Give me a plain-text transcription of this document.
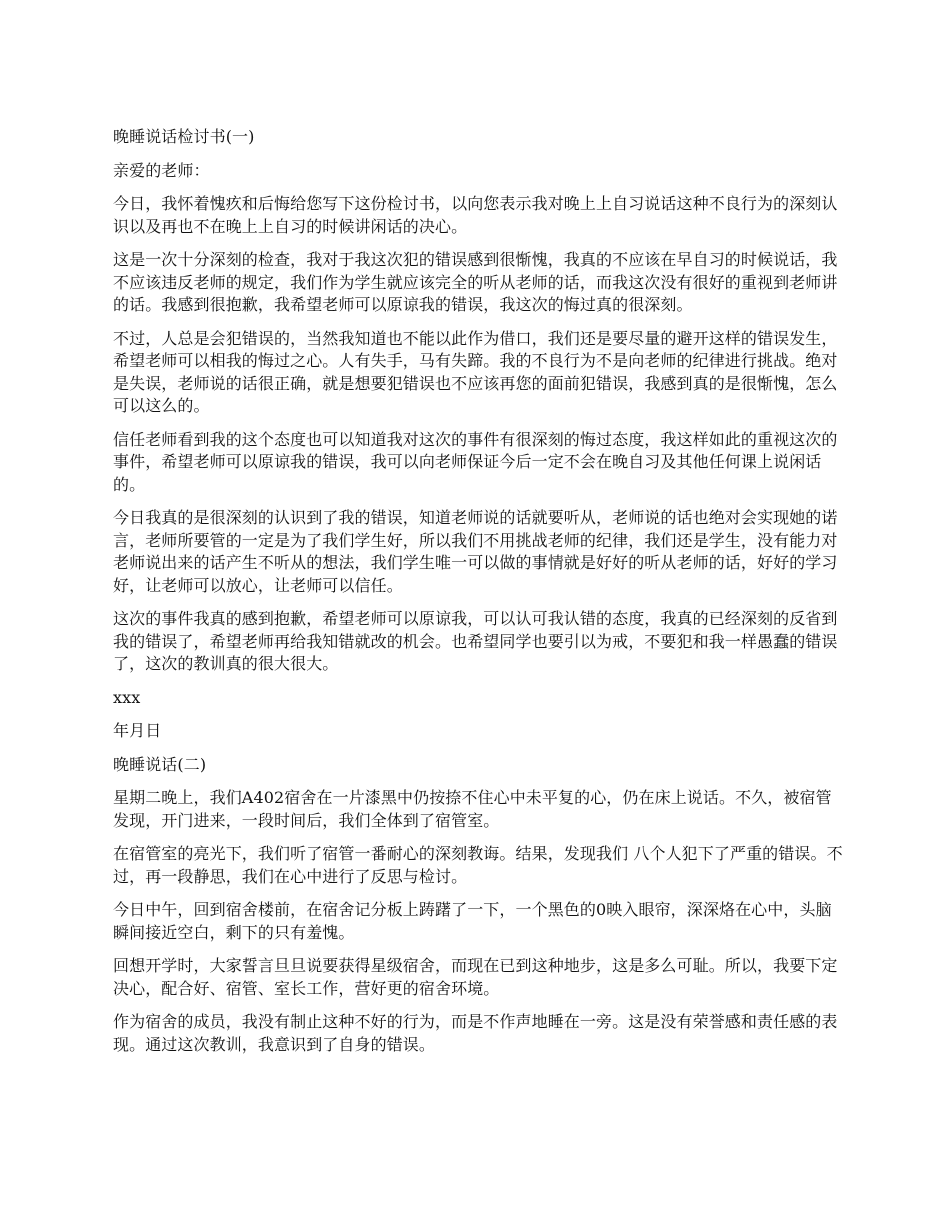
晚睡说话检讨书(一)

亲爱的老师：

今日，我怀着愧疚和后悔给您写下这份检讨书，以向您表示我对晚上上自习说话这种不良行为的深刻认识以及再也不在晚上上自习的时候讲闲话的决心。

这是一次十分深刻的检查，我对于我这次犯的错误感到很惭愧，我真的不应该在早自习的时候说话，我不应该违反老师的规定，我们作为学生就应该完全的听从老师的话，而我这次没有很好的重视到老师讲的话。我感到很抱歉，我希望老师可以原谅我的错误，我这次的悔过真的很深刻。

不过，人总是会犯错误的，当然我知道也不能以此作为借口，我们还是要尽量的避开这样的错误发生，希望老师可以相我的悔过之心。人有失手，马有失蹄。我的不良行为不是向老师的纪律进行挑战。绝对是失误，老师说的话很正确，就是想要犯错误也不应该再您的面前犯错误，我感到真的是很惭愧，怎么可以这么的。

信任老师看到我的这个态度也可以知道我对这次的事件有很深刻的悔过态度，我这样如此的重视这次的事件，希望老师可以原谅我的错误，我可以向老师保证今后一定不会在晚自习及其他任何课上说闲话的。

今日我真的是很深刻的认识到了我的错误，知道老师说的话就要听从，老师说的话也绝对会实现她的诺言，老师所要管的一定是为了我们学生好，所以我们不用挑战老师的纪律，我们还是学生，没有能力对老师说出来的话产生不听从的想法，我们学生唯一可以做的事情就是好好的听从老师的话，好好的学习好，让老师可以放心，让老师可以信任。

这次的事件我真的感到抱歉，希望老师可以原谅我，可以认可我认错的态度，我真的已经深刻的反省到我的错误了，希望老师再给我知错就改的机会。也希望同学也要引以为戒，不要犯和我一样愚蠢的错误了，这次的教训真的很大很大。

xxx

年月日

晚睡说话(二)

星期二晚上，我们A402宿舍在一片漆黑中仍按捺不住心中未平复的心，仍在床上说话。不久，被宿管发现，开门进来，一段时间后，我们全体到了宿管室。

在宿管室的亮光下，我们听了宿管一番耐心的深刻教诲。结果，发现我们 八个人犯下了严重的错误。不过，再一段静思，我们在心中进行了反思与检讨。

今日中午，回到宿舍楼前，在宿舍记分板上踌躇了一下，一个黑色的0映入眼帘，深深烙在心中，头脑瞬间接近空白，剩下的只有羞愧。

回想开学时，大家誓言旦旦说要获得星级宿舍，而现在已到这种地步，这是多么可耻。所以，我要下定决心，配合好、宿管、室长工作，营好更的宿舍环境。

作为宿舍的成员，我没有制止这种不好的行为，而是不作声地睡在一旁。这是没有荣誉感和责任感的表现。通过这次教训，我意识到了自身的错误。
